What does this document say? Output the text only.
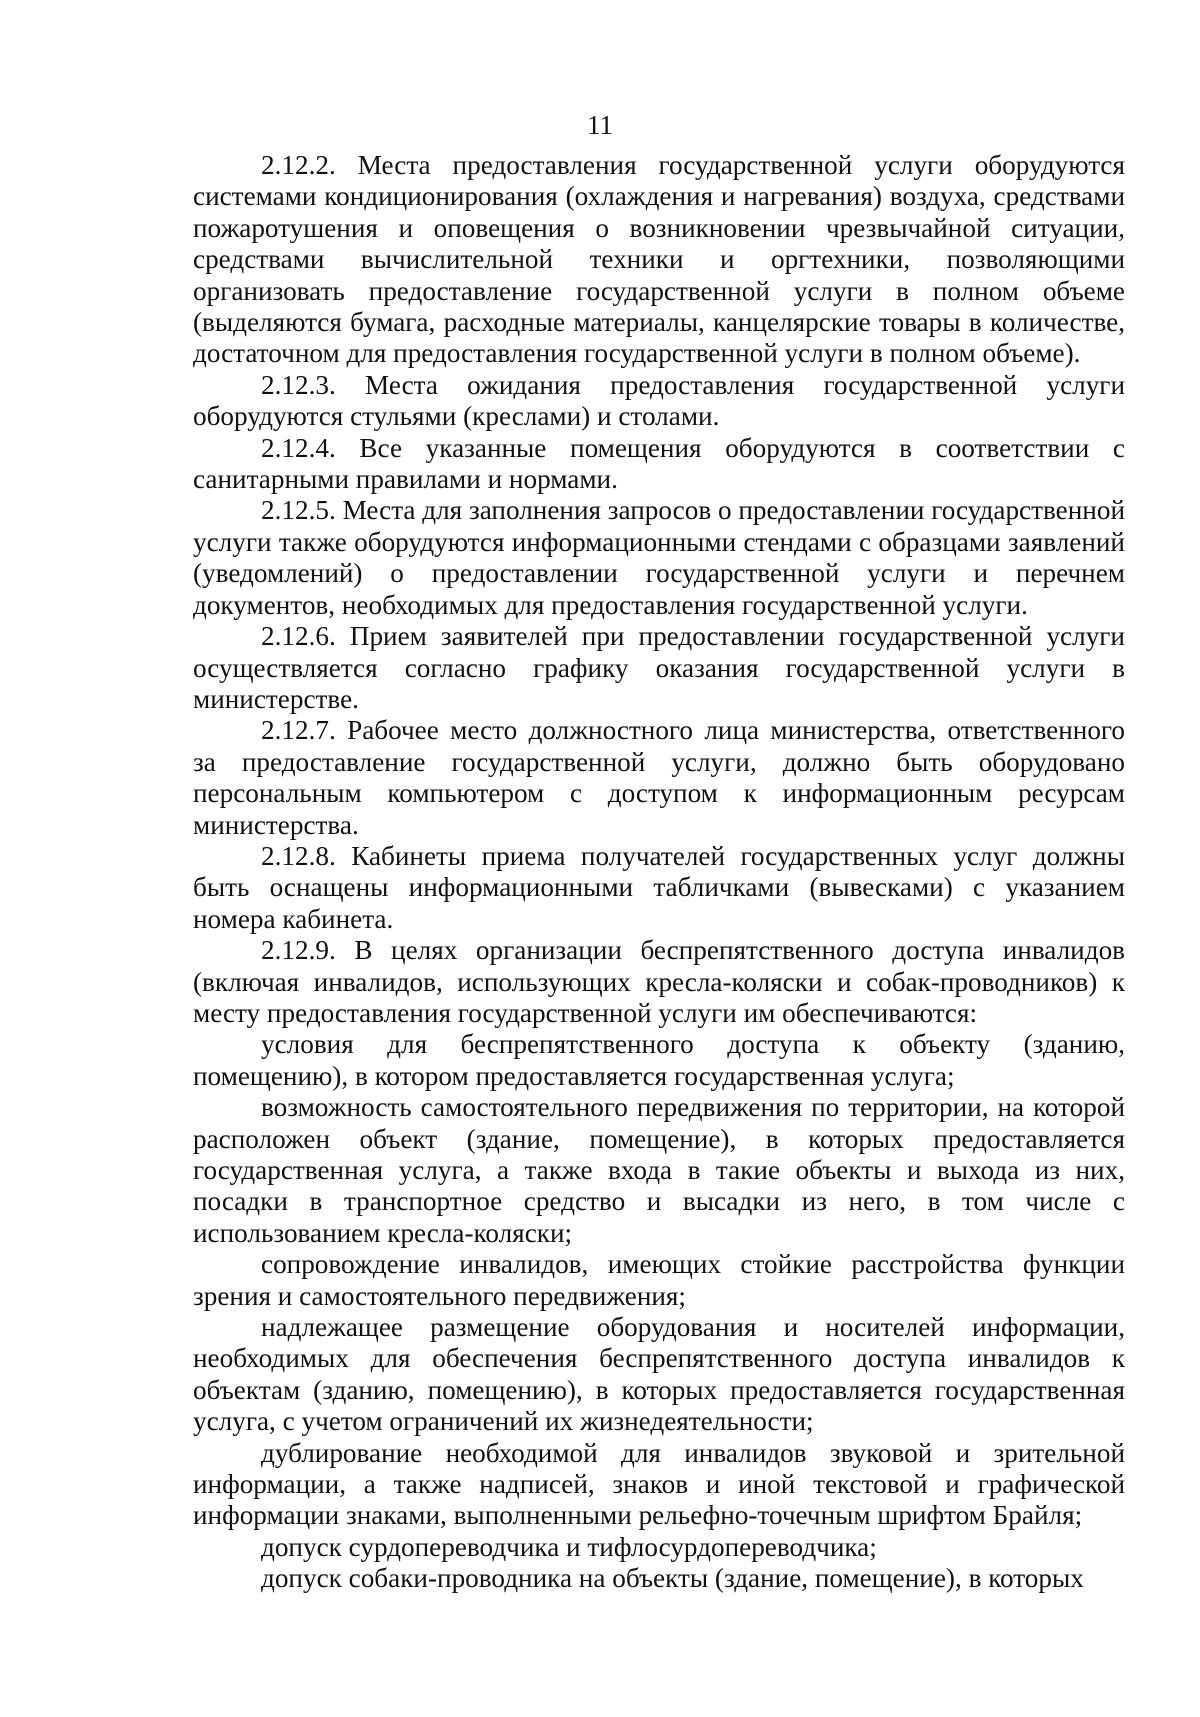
11

2.12.2. Места предоставления государственной услуги оборудуются системами кондиционирования (охлаждения и нагревания) воздуха, средствами пожаротушения и оповещения о возникновении чрезвычайной ситуации, средствами вычислительной техники и оргтехники, позволяющими организовать предоставление государственной услуги в полном объеме (выделяются бумага, расходные материалы, канцелярские товары в количестве, достаточном для предоставления государственной услуги в полном объеме).

2.12.3. Места ожидания предоставления государственной услуги оборудуются стульями (креслами) и столами.

2.12.4. Все указанные помещения оборудуются в соответствии с санитарными правилами и нормами.

2.12.5. Места для заполнения запросов о предоставлении государственной услуги также оборудуются информационными стендами с образцами заявлений (уведомлений) о предоставлении государственной услуги и перечнем документов, необходимых для предоставления государственной услуги.

2.12.6. Прием заявителей при предоставлении государственной услуги осуществляется согласно графику оказания государственной услуги в министерстве.

2.12.7. Рабочее место должностного лица министерства, ответственного за предоставление государственной услуги, должно быть оборудовано персональным компьютером с доступом к информационным ресурсам министерства.

2.12.8. Кабинеты приема получателей государственных услуг должны быть оснащены информационными табличками (вывесками) с указанием номера кабинета.

2.12.9. В целях организации беспрепятственного доступа инвалидов (включая инвалидов, использующих кресла-коляски и собак-проводников) к месту предоставления государственной услуги им обеспечиваются:

условия для беспрепятственного доступа к объекту (зданию, помещению), в котором предоставляется государственная услуга;

возможность самостоятельного передвижения по территории, на которой расположен объект (здание, помещение), в которых предоставляется государственная услуга, а также входа в такие объекты и выхода из них, посадки в транспортное средство и высадки из него, в том числе с использованием кресла-коляски;

сопровождение инвалидов, имеющих стойкие расстройства функции зрения и самостоятельного передвижения;

надлежащее размещение оборудования и носителей информации, необходимых для обеспечения беспрепятственного доступа инвалидов к объектам (зданию, помещению), в которых предоставляется государственная услуга, с учетом ограничений их жизнедеятельности;

дублирование необходимой для инвалидов звуковой и зрительной информации, а также надписей, знаков и иной текстовой и графической информации знаками, выполненными рельефно-точечным шрифтом Брайля;

допуск сурдопереводчика и тифлосурдопереводчика;

допуск собаки-проводника на объекты (здание, помещение), в которых
